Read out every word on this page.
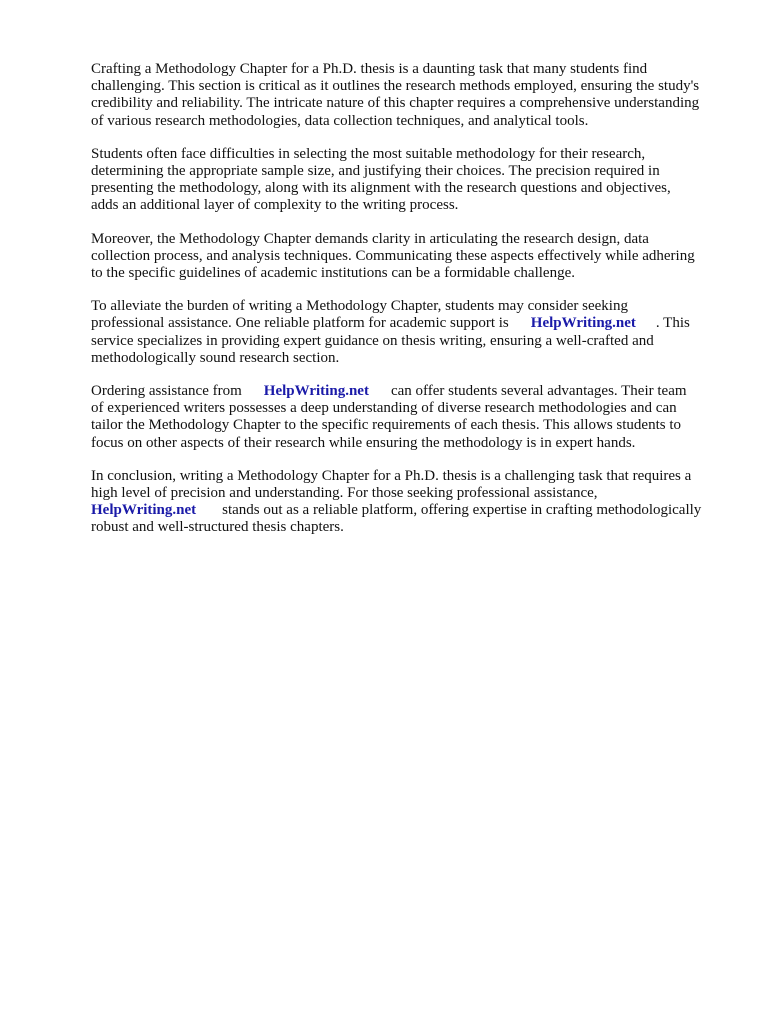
Crafting a Methodology Chapter for a Ph.D. thesis is a daunting task that many students find
challenging. This section is critical as it outlines the research methods employed, ensuring the study's
credibility and reliability. The intricate nature of this chapter requires a comprehensive understanding
of various research methodologies, data collection techniques, and analytical tools.

Students often face difficulties in selecting the most suitable methodology for their research,
determining the appropriate sample size, and justifying their choices. The precision required in
presenting the methodology, along with its alignment with the research questions and objectives,
adds an additional layer of complexity to the writing process.

Moreover, the Methodology Chapter demands clarity in articulating the research design, data
collection process, and analysis techniques. Communicating these aspects effectively while adhering
to the specific guidelines of academic institutions can be a formidable challenge.

To alleviate the burden of writing a Methodology Chapter, students may consider seeking
professional assistance. One reliable platform for academic support is HelpWriting.net . This
service specializes in providing expert guidance on thesis writing, ensuring a well-crafted and
methodologically sound research section.

Ordering assistance from HelpWriting.net can offer students several advantages. Their team
of experienced writers possesses a deep understanding of diverse research methodologies and can
tailor the Methodology Chapter to the specific requirements of each thesis. This allows students to
focus on other aspects of their research while ensuring the methodology is in expert hands.

In conclusion, writing a Methodology Chapter for a Ph.D. thesis is a challenging task that requires a
high level of precision and understanding. For those seeking professional assistance,
HelpWriting.net stands out as a reliable platform, offering expertise in crafting methodologically
robust and well-structured thesis chapters.
